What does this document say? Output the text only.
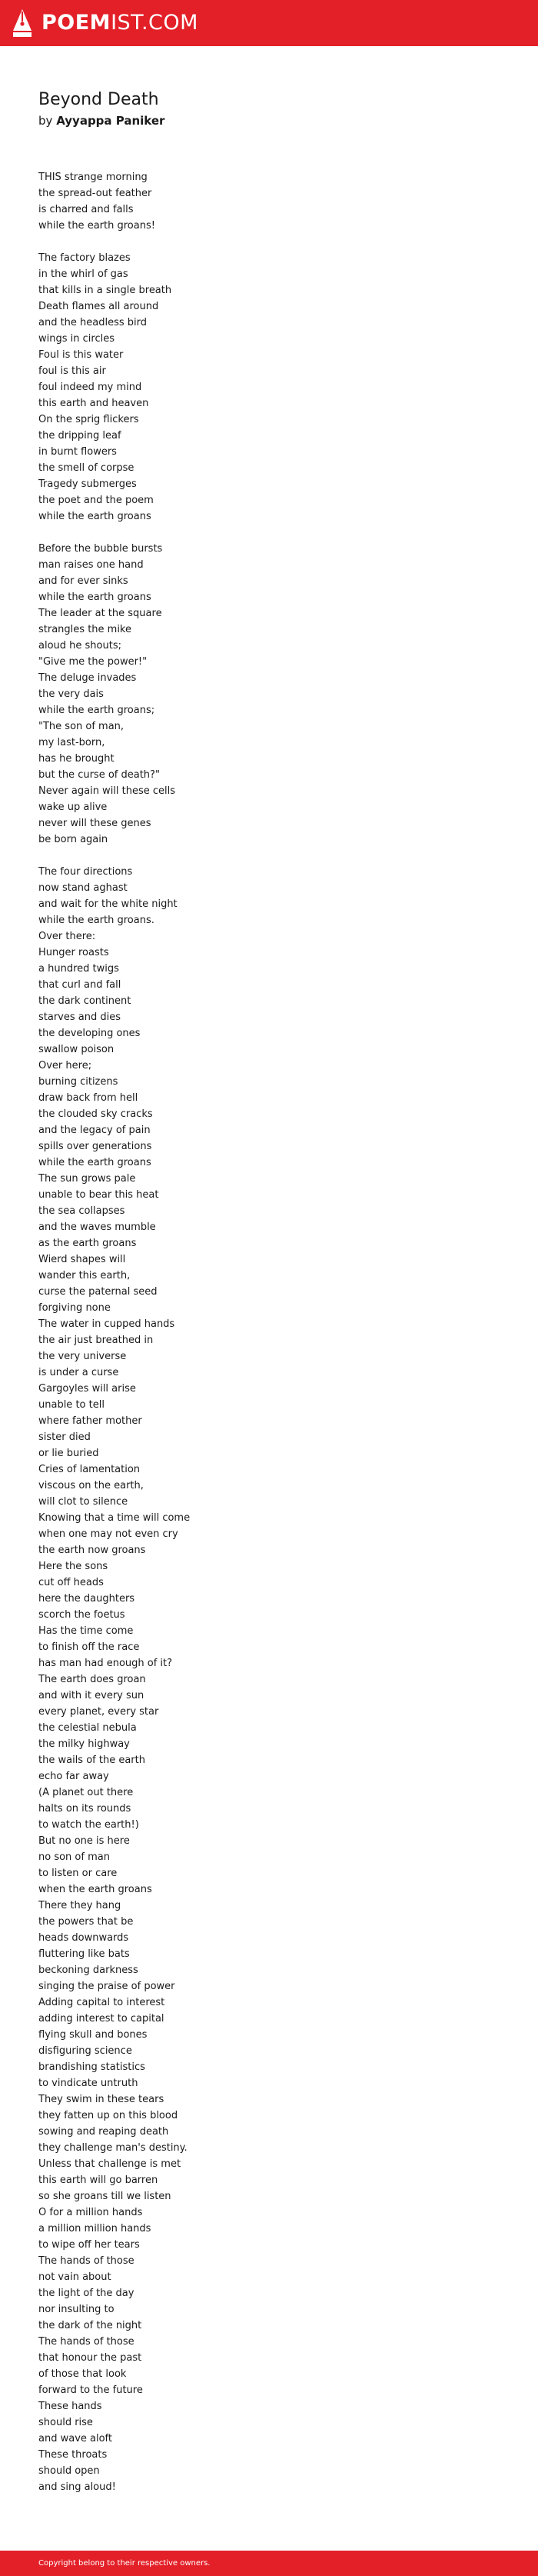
POEMIST.COM
Beyond Death
by Ayyappa Paniker

THIS strange morning
the spread-out feather
is charred and falls
while the earth groans!

The factory blazes
in the whirl of gas
that kills in a single breath
Death flames all around
and the headless bird
wings in circles
Foul is this water
foul is this air
foul indeed my mind
this earth and heaven
On the sprig flickers
the dripping leaf
in burnt flowers
the smell of corpse
Tragedy submerges
the poet and the poem
while the earth groans

Before the bubble bursts
man raises one hand
and for ever sinks
while the earth groans
The leader at the square
strangles the mike
aloud he shouts;
"Give me the power!"
The deluge invades
the very dais
while the earth groans;
"The son of man,
my last-born,
has he brought
but the curse of death?"
Never again will these cells
wake up alive
never will these genes
be born again

The four directions
now stand aghast
and wait for the white night
while the earth groans.
Over there:
Hunger roasts
a hundred twigs
that curl and fall
the dark continent
starves and dies
the developing ones
swallow poison
Over here;
burning citizens
draw back from hell
the clouded sky cracks
and the legacy of pain
spills over generations
while the earth groans
The sun grows pale
unable to bear this heat
the sea collapses
and the waves mumble
as the earth groans
Wierd shapes will
wander this earth,
curse the paternal seed
forgiving none
The water in cupped hands
the air just breathed in
the very universe
is under a curse
Gargoyles will arise
unable to tell
where father mother
sister died
or lie buried
Cries of lamentation
viscous on the earth,
will clot to silence
Knowing that a time will come
when one may not even cry
the earth now groans
Here the sons
cut off heads
here the daughters
scorch the foetus
Has the time come
to finish off the race
has man had enough of it?
The earth does groan
and with it every sun
every planet, every star
the celestial nebula
the milky highway
the wails of the earth
echo far away
(A planet out there
halts on its rounds
to watch the earth!)
But no one is here
no son of man
to listen or care
when the earth groans
There they hang
the powers that be
heads downwards
fluttering like bats
beckoning darkness
singing the praise of power
Adding capital to interest
adding interest to capital
flying skull and bones
disfiguring science
brandishing statistics
to vindicate untruth
They swim in these tears
they fatten up on this blood
sowing and reaping death
they challenge man's destiny.
Unless that challenge is met
this earth will go barren
so she groans till we listen
O for a million hands
a million million hands
to wipe off her tears
The hands of those
not vain about
the light of the day
nor insulting to
the dark of the night
The hands of those
that honour the past
of those that look
forward to the future
These hands
should rise
and wave aloft
These throats
should open
and sing aloud!

Copyright belong to their respective owners.
